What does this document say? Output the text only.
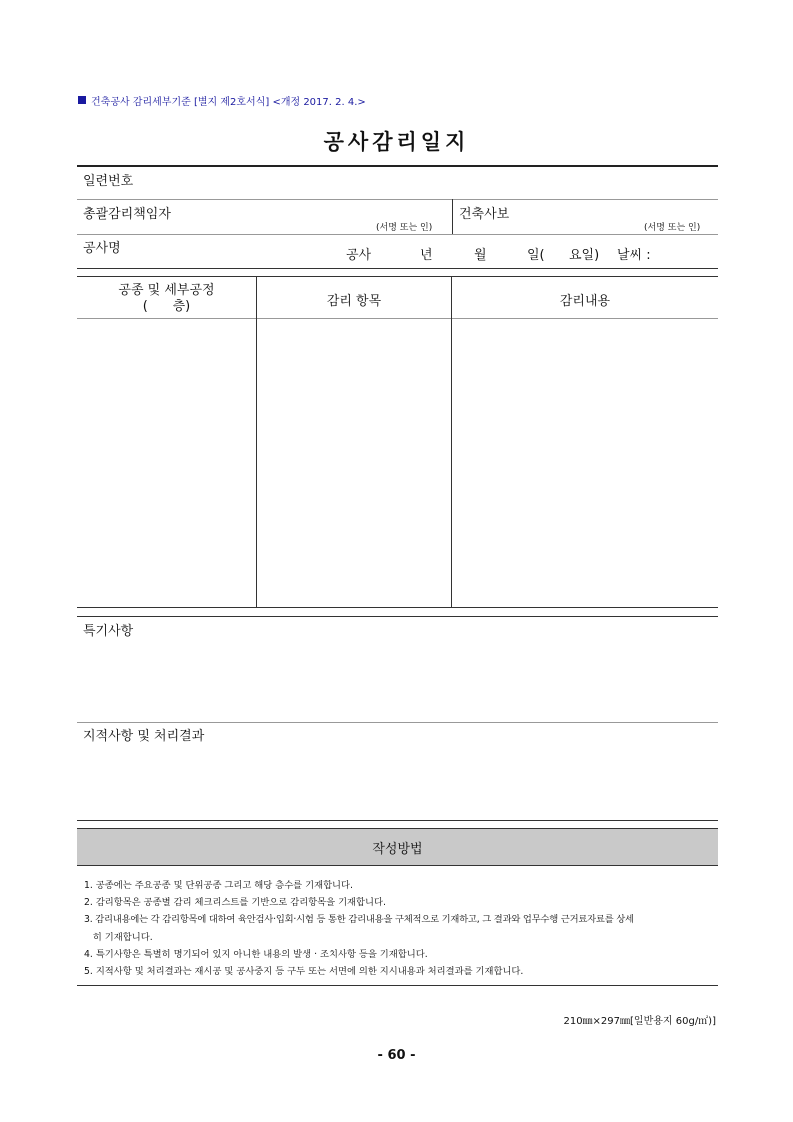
건축공사 감리세부기준 [별지 제2호서식] <개정 2017. 2. 4.>
공사감리일지
일련번호
총괄감리책임자
(서명 또는 인)
건축사보
(서명 또는 인)
공사명	공사	년	월	일( 요일) 날씨 :
공종 및 세부공정
(      층)	감리 항목	감리내용
특기사항
지적사항 및 처리결과
작성방법
1. 공종에는 주요공종 및 단위공종 그리고 해당 층수를 기재합니다.
2. 감리항목은 공종별 감리 체크리스트를 기반으로 감리항목을 기재합니다.
3. 감리내용에는 각 감리항목에 대하여 육안검사·입회·시험 등 통한 감리내용을 구체적으로 기재하고, 그 결과와 업무수행 근거료자료를 상세
히 기재합니다.
4. 특기사항은 특별히 명기되어 있지 아니한 내용의 발생 · 조치사항 등을 기재합니다.
5. 지적사항 및 처리결과는 재시공 및 공사중지 등 구두 또는 서면에 의한 지시내용과 처리결과를 기재합니다.
210㎜×297㎜[일반용지 60g/㎡)]
- 60 -
